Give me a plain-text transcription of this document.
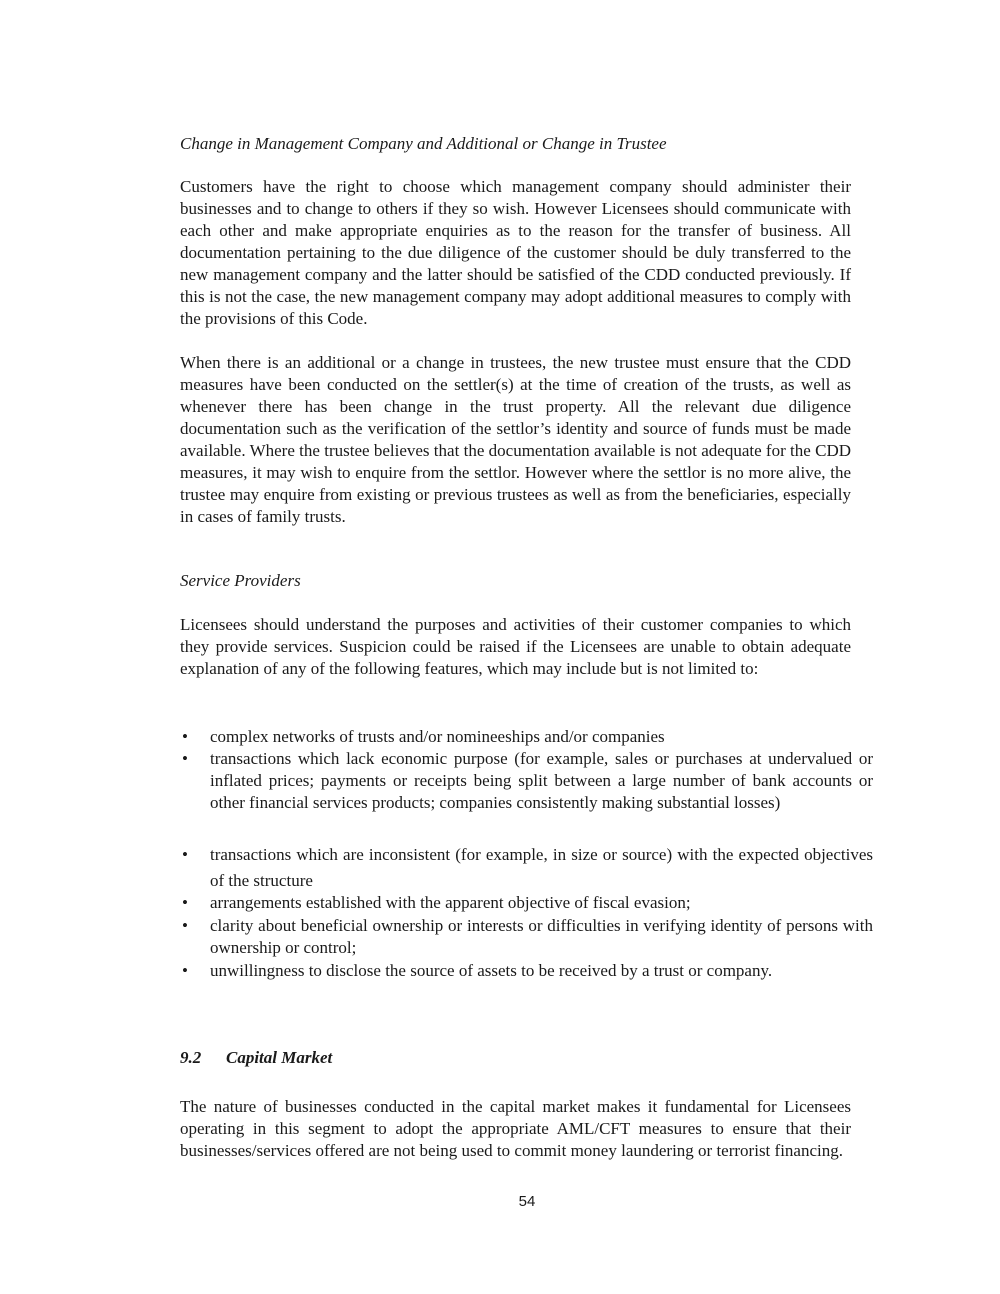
Change in Management Company and Additional or Change in Trustee

Customers have the right to choose which management company should administer their businesses and to change to others if they so wish. However Licensees should communicate with each other and make appropriate enquiries as to the reason for the transfer of business. All documentation pertaining to the due diligence of the customer should be duly transferred to the new management company and the latter should be satisfied of the CDD conducted previously. If this is not the case, the new management company may adopt additional measures to comply with the provisions of this Code.

When there is an additional or a change in trustees, the new trustee must ensure that the CDD measures have been conducted on the settler(s) at the time of creation of the trusts, as well as whenever there has been change in the trust property. All the relevant due diligence documentation such as the verification of the settlor’s identity and source of funds must be made available. Where the trustee believes that the documentation available is not adequate for the CDD measures, it may wish to enquire from the settlor. However where the settlor is no more alive, the trustee may enquire from existing or previous trustees as well as from the beneficiaries, especially in cases of family trusts.

Service Providers

Licensees should understand the purposes and activities of their customer companies to which they provide services. Suspicion could be raised if the Licensees are unable to obtain adequate explanation of any of the following features, which may include but is not limited to:

• complex networks of trusts and/or nomineeships and/or companies
• transactions which lack economic purpose (for example, sales or purchases at undervalued or inflated prices; payments or receipts being split between a large number of bank accounts or other financial services products; companies consistently making substantial losses)
• transactions which are inconsistent (for example, in size or source) with the expected objectives of the structure
• arrangements established with the apparent objective of fiscal evasion;
• clarity about beneficial ownership or interests or difficulties in verifying identity of persons with ownership or control;
• unwillingness to disclose the source of assets to be received by a trust or company.
9.2 Capital Market

The nature of businesses conducted in the capital market makes it fundamental for Licensees operating in this segment to adopt the appropriate AML/CFT measures to ensure that their businesses/services offered are not being used to commit money laundering or terrorist financing.

54
